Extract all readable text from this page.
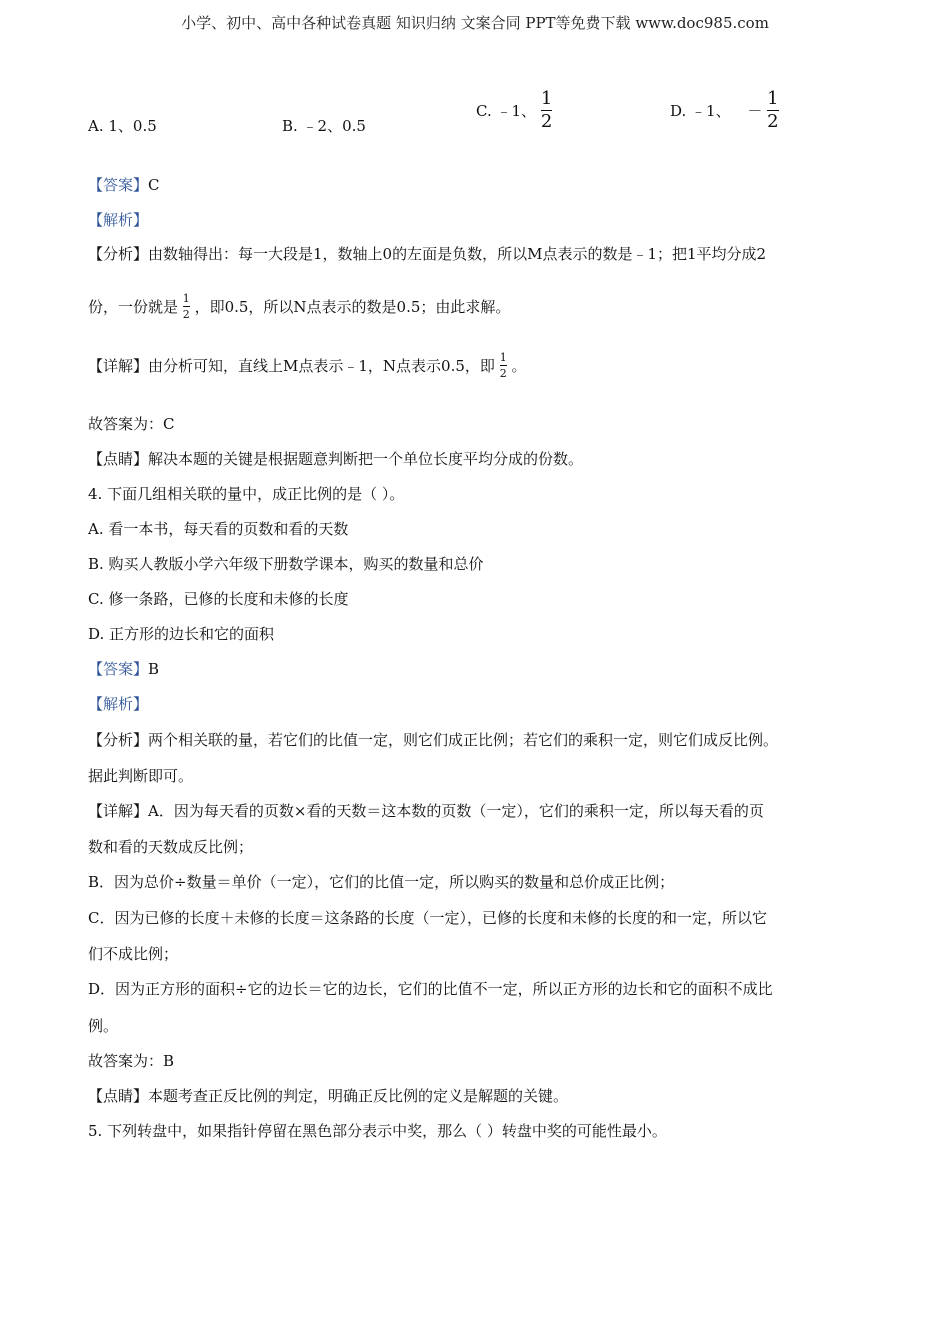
小学、初中、高中各种试卷真题 知识归纳 文案合同 PPT等免费下载 www.doc985.com
A. 1、0.5	B. ﹣2、0.5
C. ﹣1、 $\frac{1}{2}$	D. ﹣1、 － $\frac{1}{2}$
【答案】C
【解析】
【分析】由数轴得出：每一大段是1，数轴上0的左面是负数，所以M点表示的数是﹣1；把1平均分成2
份，一份就是 $\frac{1}{2}$ ，即0.5，所以N点表示的数是0.5；由此求解。
【详解】由分析可知，直线上M点表示﹣1，N点表示0.5，即 $\frac{1}{2}$ 。
故答案为：C
【点睛】解决本题的关键是根据题意判断把一个单位长度平均分成的份数。
4. 下面几组相关联的量中，成正比例的是（ ）。
A. 看一本书，每天看的页数和看的天数
B. 购买人教版小学六年级下册数学课本，购买的数量和总价
C. 修一条路，已修的长度和未修的长度
D. 正方形的边长和它的面积
【答案】B
【解析】
【分析】两个相关联的量，若它们的比值一定，则它们成正比例；若它们的乘积一定，则它们成反比例。
据此判断即可。
【详解】A．因为每天看的页数×看的天数＝这本数的页数（一定），它们的乘积一定，所以每天看的页
数和看的天数成反比例；
B．因为总价÷数量＝单价（一定），它们的比值一定，所以购买的数量和总价成正比例；
C．因为已修的长度＋未修的长度＝这条路的长度（一定），已修的长度和未修的长度的和一定，所以它
们不成比例；
D．因为正方形的面积÷它的边长＝它的边长，它们的比值不一定，所以正方形的边长和它的面积不成比
例。
故答案为：B
【点睛】本题考查正反比例的判定，明确正反比例的定义是解题的关键。
5. 下列转盘中，如果指针停留在黑色部分表示中奖，那么（ ）转盘中奖的可能性最小。
